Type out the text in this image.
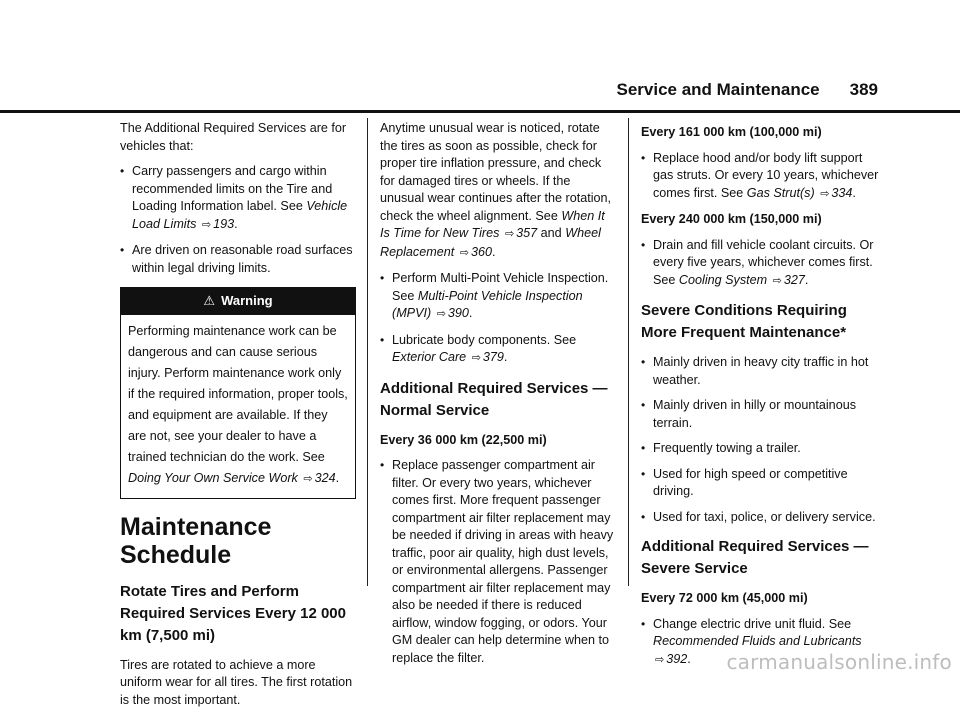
Service and Maintenance 389

The Additional Required Services are for vehicles that:

• Carry passengers and cargo within recommended limits on the Tire and Loading Information label. See Vehicle Load Limits ⇨ 193.
• Are driven on reasonable road surfaces within legal driving limits.
⚠ Warning
Performing maintenance work can be dangerous and can cause serious injury. Perform maintenance work only if the required information, proper tools, and equipment are available. If they are not, see your dealer to have a trained technician do the work. See Doing Your Own Service Work ⇨ 324.
Maintenance Schedule
Rotate Tires and Perform Required Services Every 12 000 km (7,500 mi)

Tires are rotated to achieve a more uniform wear for all tires. The first rotation is the most important.

Anytime unusual wear is noticed, rotate the tires as soon as possible, check for proper tire inflation pressure, and check for damaged tires or wheels. If the unusual wear continues after the rotation, check the wheel alignment. See When It Is Time for New Tires ⇨ 357 and Wheel Replacement ⇨ 360.

• Perform Multi-Point Vehicle Inspection. See Multi-Point Vehicle Inspection (MPVI) ⇨ 390.
• Lubricate body components. See Exterior Care ⇨ 379.
Additional Required Services — Normal Service
Every 36 000 km (22,500 mi)
• Replace passenger compartment air filter. Or every two years, whichever comes first. More frequent passenger compartment air filter replacement may be needed if driving in areas with heavy traffic, poor air quality, high dust levels, or environmental allergens. Passenger compartment air filter replacement may also be needed if there is reduced airflow, window fogging, or odors. Your GM dealer can help determine when to replace the filter.
Every 161 000 km (100,000 mi)
• Replace hood and/or body lift support gas struts. Or every 10 years, whichever comes first. See Gas Strut(s) ⇨ 334.
Every 240 000 km (150,000 mi)
• Drain and fill vehicle coolant circuits. Or every five years, whichever comes first. See Cooling System ⇨ 327.
Severe Conditions Requiring More Frequent Maintenance*
• Mainly driven in heavy city traffic in hot weather.
• Mainly driven in hilly or mountainous terrain.
• Frequently towing a trailer.
• Used for high speed or competitive driving.
• Used for taxi, police, or delivery service.
Additional Required Services — Severe Service
Every 72 000 km (45,000 mi)
• Change electric drive unit fluid. See Recommended Fluids and Lubricants ⇨ 392.	carmanualsonline.info
